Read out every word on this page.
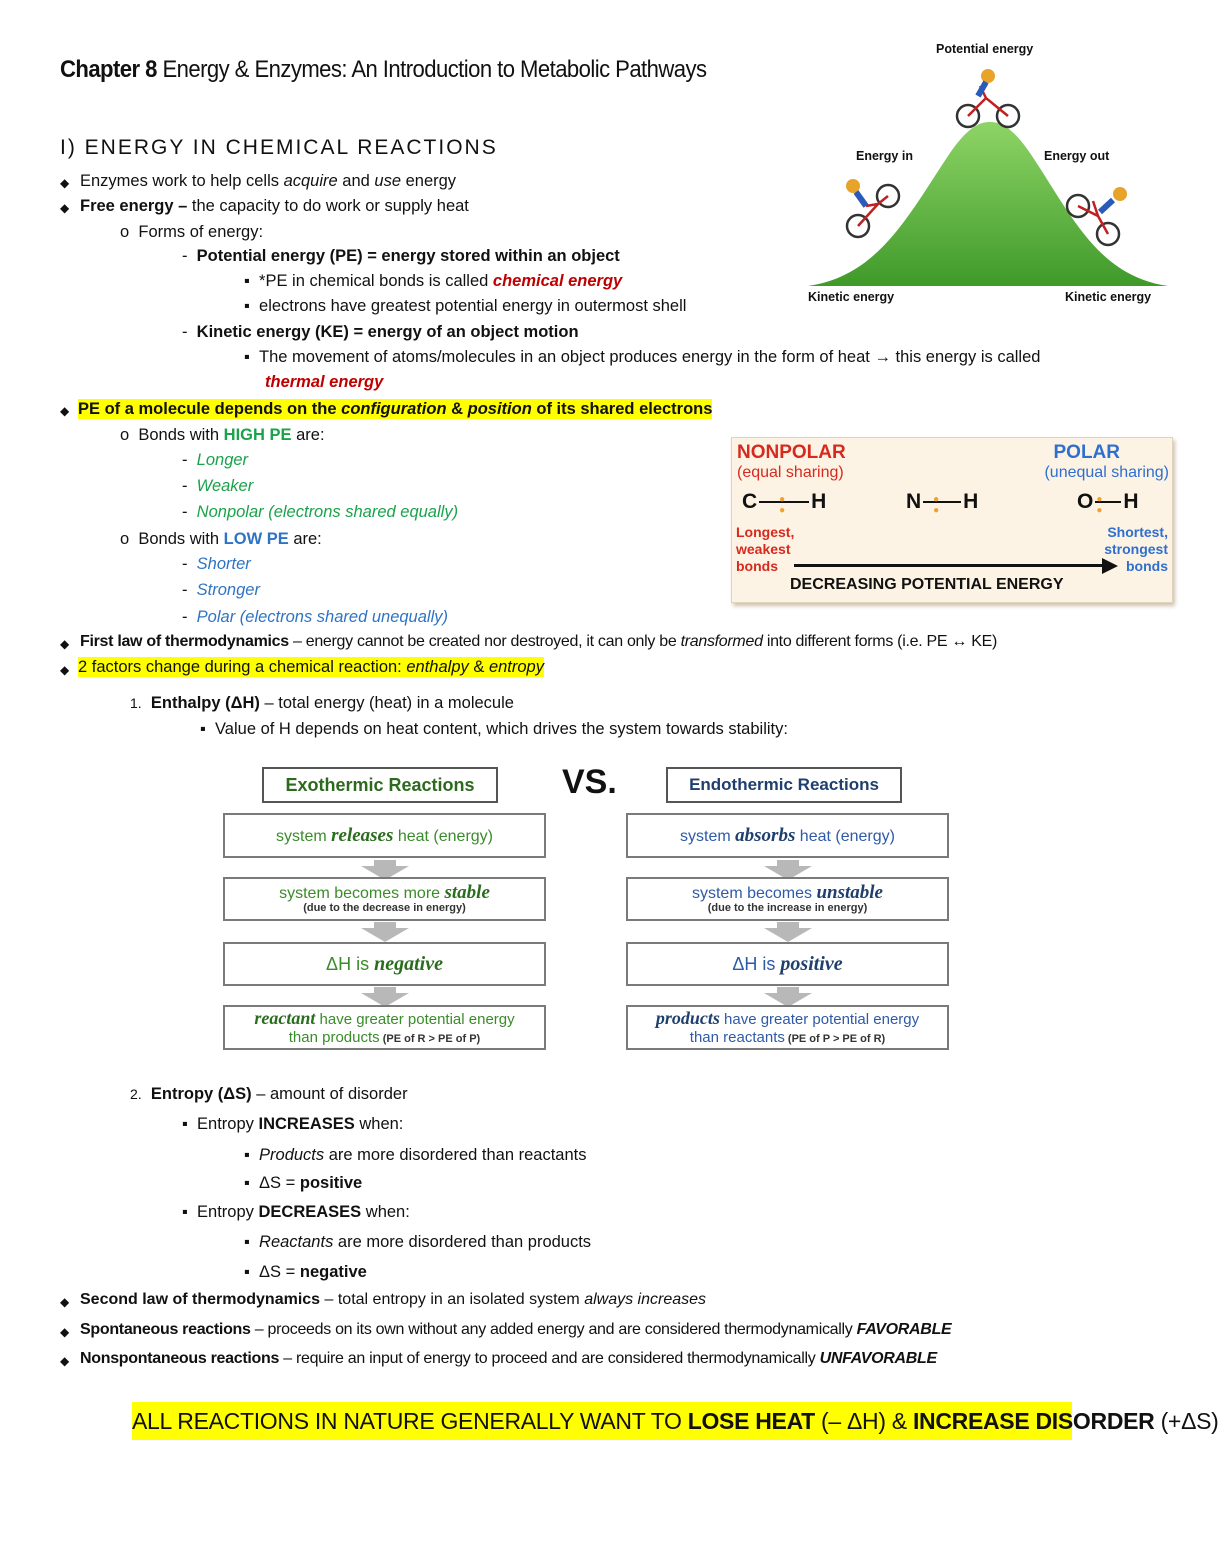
Chapter 8 Energy & Enzymes: An Introduction to Metabolic Pathways
I) ENERGY IN CHEMICAL REACTIONS
◆ Enzymes work to help cells acquire and use energy
◆ Free energy – the capacity to do work or supply heat
o  Forms of energy:
-  Potential energy (PE) = energy stored within an object
▪  *PE in chemical bonds is called chemical energy
▪  electrons have greatest potential energy in outermost shell
-  Kinetic energy (KE) = energy of an object motion
▪  The movement of atoms/molecules in an object produces energy in the form of heat → this energy is called
thermal energy
◆ PE of a molecule depends on the configuration & position of its shared electrons
o  Bonds with HIGH PE are:
-  Longer
-  Weaker
-  Nonpolar (electrons shared equally)
o  Bonds with LOW PE are:
-  Shorter
-  Stronger
-  Polar (electrons shared unequally)
◆ First law of thermodynamics – energy cannot be created nor destroyed, it can only be transformed into different forms (i.e. PE ↔ KE)
◆ 2 factors change during a chemical reaction: enthalpy & entropy
1. Enthalpy (ΔH) – total energy (heat) in a molecule
▪  Value of H depends on heat content, which drives the system towards stability:
Exothermic Reactions	VS.	Endothermic Reactions
system releases heat (energy)
system becomes more stable
(due to the decrease in energy)
ΔH is negative
reactant have greater potential energy
than products (PE of R > PE of P)
system absorbs heat (energy)
system becomes unstable
(due to the increase in energy)
ΔH is positive
products have greater potential energy
than reactants (PE of P > PE of R)
2. Entropy (ΔS) – amount of disorder
▪  Entropy INCREASES when:
▪  Products are more disordered than reactants
▪  ΔS = positive
▪  Entropy DECREASES when:
▪  Reactants are more disordered than products
▪  ΔS = negative
◆ Second law of thermodynamics – total entropy in an isolated system always increases
◆ Spontaneous reactions – proceeds on its own without any added energy and are considered thermodynamically FAVORABLE
◆ Nonspontaneous reactions – require an input of energy to proceed and are considered thermodynamically UNFAVORABLE
ALL REACTIONS IN NATURE GENERALLY WANT TO LOSE HEAT (– ΔH) & INCREASE DISORDER (+ΔS)
Potential energy
Energy in	Energy out
Kinetic energy	Kinetic energy
NONPOLAR
(equal sharing)
POLAR
(unequal sharing)
C ●
● H	N ●
● H	O ●
● H
Longest,
weakest
bonds
Shortest,
strongest
bonds
DECREASING POTENTIAL ENERGY
